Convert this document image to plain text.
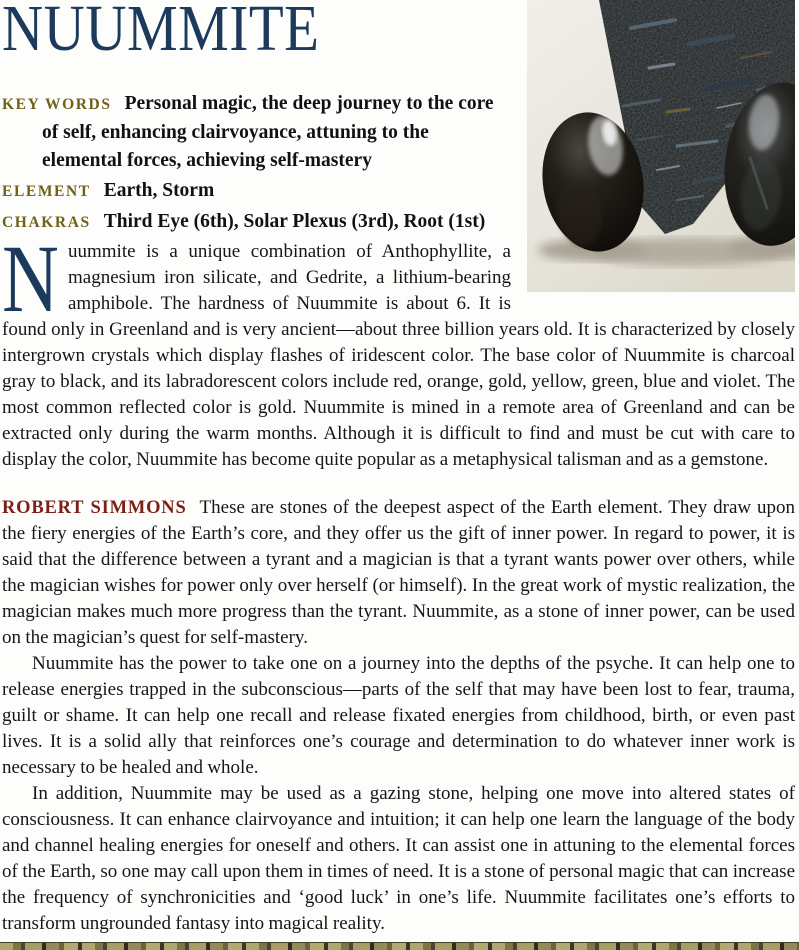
NUUMMITE

KEY WORDS Personal magic, the deep journey to the core of self, enhancing clairvoyance, attuning to the elemental forces, achieving self-mastery

ELEMENT Earth, Storm

CHAKRAS Third Eye (6th), Solar Plexus (3rd), Root (1st)

Nuummite is a unique combination of Anthophyllite, a magnesium iron silicate, and Gedrite, a lithium-bearing amphibole. The hardness of Nuummite is about 6. It is found only in Greenland and is very ancient—about three billion years old. It is characterized by closely intergrown crystals which display flashes of iridescent color. The base color of Nuummite is charcoal gray to black, and its labradorescent colors include red, orange, gold, yellow, green, blue and violet. The most common reflected color is gold. Nuummite is mined in a remote area of Greenland and can be extracted only during the warm months. Although it is difficult to find and must be cut with care to display the color, Nuummite has become quite popular as a metaphysical talisman and as a gemstone.

ROBERT SIMMONS These are stones of the deepest aspect of the Earth element. They draw upon the fiery energies of the Earth’s core, and they offer us the gift of inner power. In regard to power, it is said that the difference between a tyrant and a magician is that a tyrant wants power over others, while the magician wishes for power only over herself (or himself). In the great work of mystic realization, the magician makes much more progress than the tyrant. Nuummite, as a stone of inner power, can be used on the magician’s quest for self-mastery.

Nuummite has the power to take one on a journey into the depths of the psyche. It can help one to release energies trapped in the subconscious—parts of the self that may have been lost to fear, trauma, guilt or shame. It can help one recall and release fixated energies from childhood, birth, or even past lives. It is a solid ally that reinforces one’s courage and determination to do whatever inner work is necessary to be healed and whole.

In addition, Nuummite may be used as a gazing stone, helping one move into altered states of consciousness. It can enhance clairvoyance and intuition; it can help one learn the language of the body and channel healing energies for oneself and others. It can assist one in attuning to the elemental forces of the Earth, so one may call upon them in times of need. It is a stone of personal magic that can increase the frequency of synchronicities and ‘good luck’ in one’s life. Nuummite facilitates one’s efforts to transform ungrounded fantasy into magical reality.
